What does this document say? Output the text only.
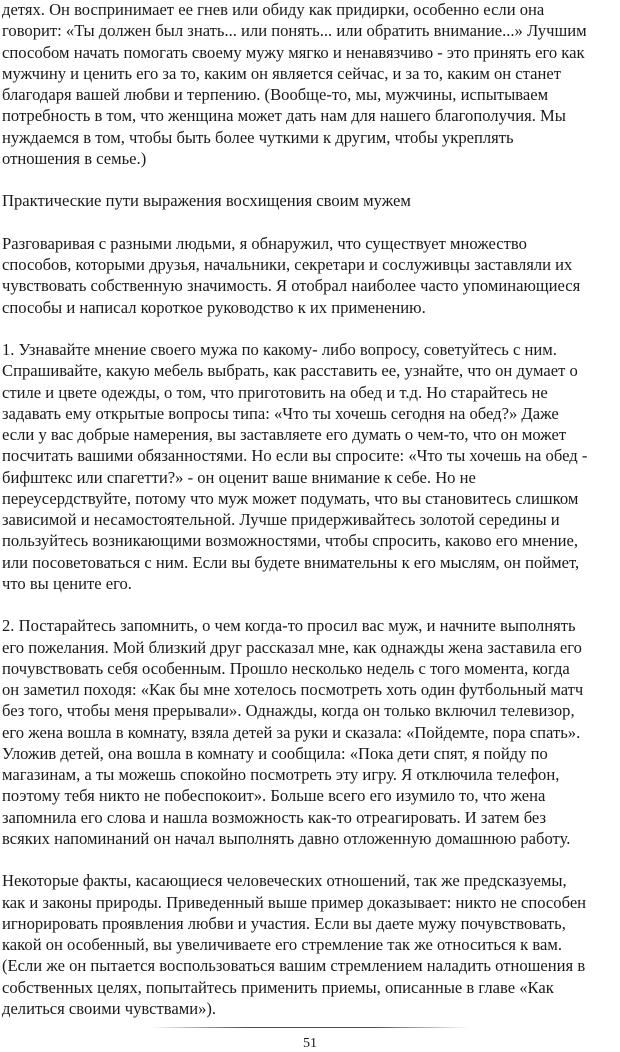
детях. Он воспринимает ее гнев или обиду как придирки, особенно если она

говорит: «Ты должен был знать... или понять... или обратить внимание...» Лучшим

способом начать помогать своему мужу мягко и ненавязчиво - это принять его как

мужчину и ценить его за то, каким он является сейчас, и за то, каким он станет

благодаря вашей любви и терпению. (Вообще-то, мы, мужчины, испытываем

потребность в том, что женщина может дать нам для нашего благополучия. Мы

нуждаемся в том, чтобы быть более чуткими к другим, чтобы укреплять

отношения в семье.)

Практические пути выражения восхищения своим мужем

Разговаривая с разными людьми, я обнаружил, что существует множество

способов, которыми друзья, начальники, секретари и сослуживцы заставляли их

чувствовать собственную значимость. Я отобрал наиболее часто упоминающиеся

способы и написал короткое руководство к их применению.

1. Узнавайте мнение своего мужа по какому- либо вопросу, советуйтесь с ним.

Спрашивайте, какую мебель выбрать, как расставить ее, узнайте, что он думает о

стиле и цвете одежды, о том, что приготовить на обед и т.д. Но старайтесь не

задавать ему открытые вопросы типа: «Что ты хочешь сегодня на обед?» Даже

если у вас добрые намерения, вы заставляете его думать о чем-то, что он может

посчитать вашими обязанностями. Но если вы спросите: «Что ты хочешь на обед -

бифштекс или спагетти?» - он оценит ваше внимание к себе. Но не

переусердствуйте, потому что муж может подумать, что вы становитесь слишком

зависимой и несамостоятельной. Лучше придерживайтесь золотой середины и

пользуйтесь возникающими возможностями, чтобы спросить, каково его мнение,

или посоветоваться с ним. Если вы будете внимательны к его мыслям, он поймет,

что вы цените его.

2. Постарайтесь запомнить, о чем когда-то просил вас муж, и начните выполнять

его пожелания. Мой близкий друг рассказал мне, как однажды жена заставила его

почувствовать себя особенным. Прошло несколько недель с того момента, когда

он заметил походя: «Как бы мне хотелось посмотреть хоть один футбольный матч

без того, чтобы меня прерывали». Однажды, когда он только включил телевизор,

его жена вошла в комнату, взяла детей за руки и сказала: «Пойдемте, пора спать».

Уложив детей, она вошла в комнату и сообщила: «Пока дети спят, я пойду по

магазинам, а ты можешь спокойно посмотреть эту игру. Я отключила телефон,

поэтому тебя никто не побеспокоит». Больше всего его изумило то, что жена

запомнила его слова и нашла возможность как-то отреагировать. И затем без

всяких напоминаний он начал выполнять давно отложенную домашнюю работу.

Некоторые факты, касающиеся человеческих отношений, так же предсказуемы,

как и законы природы. Приведенный выше пример доказывает: никто не способен

игнорировать проявления любви и участия. Если вы даете мужу почувствовать,

какой он особенный, вы увеличиваете его стремление так же относиться к вам.

(Если же он пытается воспользоваться вашим стремлением наладить отношения в

собственных целях, попытайтесь применить приемы, описанные в главе «Как

делиться своими чувствами»).

51
